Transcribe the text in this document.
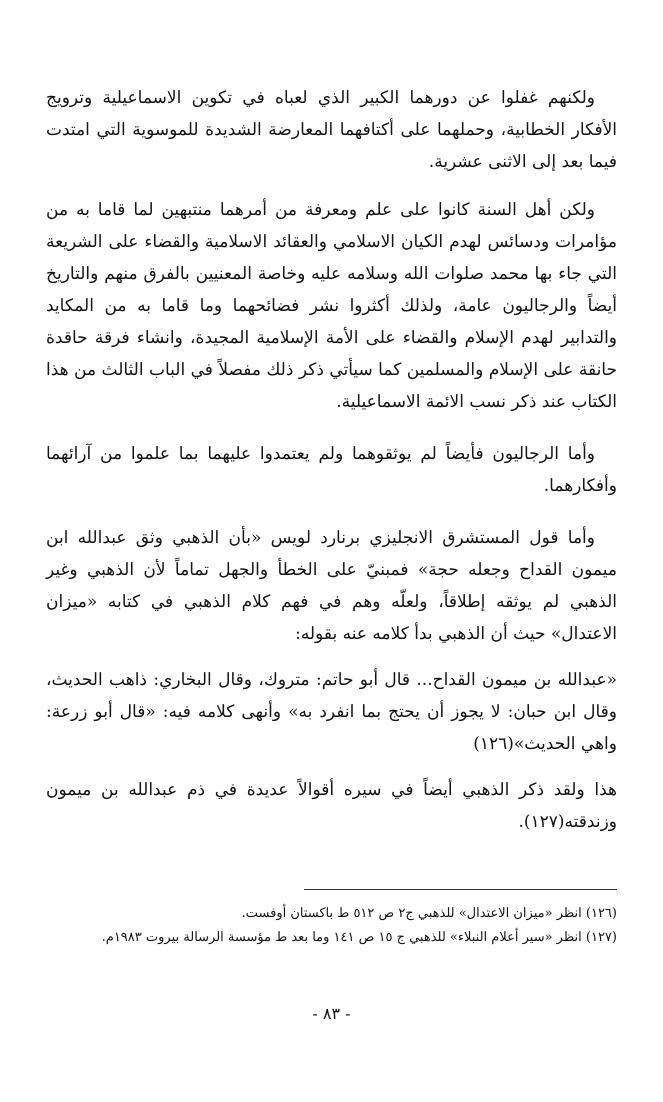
ولكنهم غفلوا عن دورهما الكبير الذي لعباه في تكوين الاسماعيلية وترويج الأفكار الخطابية، وحملهما على أكتافهما المعارضة الشديدة للموسوية التي امتدت فيما بعد إلى الاثنى عشرية.

ولكن أهل السنة كانوا على علم ومعرفة من أمرهما منتبهين لما قاما به من مؤامرات ودسائس لهدم الكيان الاسلامي والعقائد الاسلامية والقضاء على الشريعة التي جاء بها محمد صلوات الله وسلامه عليه وخاصة المعنيين بالفرق منهم والتاريخ أيضاً والرجاليون عامة، ولذلك أكثروا نشر فضائحهما وما قاما به من المكايد والتدابير لهدم الإسلام والقضاء على الأمة الإسلامية المجيدة، وانشاء فرقة حاقدة حانقة على الإسلام والمسلمين كما سيأتي ذكر ذلك مفصلاً في الباب الثالث من هذا الكتاب عند ذكر نسب الائمة الاسماعيلية.

وأما الرجاليون فأيضاً لم يوثقوهما ولم يعتمدوا عليهما بما علموا من آرائهما وأفكارهما.

وأما قول المستشرق الانجليزي برنارد لويس «بأن الذهبي وثق عبدالله ابن ميمون القداح وجعله حجة» فمبنيّ على الخطأ والجهل تماماً لأن الذهبي وغير الذهبي لم يوثقه إطلاقاً، ولعلّه وهم في فهم كلام الذهبي في كتابه «ميزان الاعتدال» حيث أن الذهبي بدأ كلامه عنه بقوله:

«عبدالله بن ميمون القداح... قال أبو حاتم: متروك، وقال البخاري: ذاهب الحديث، وقال ابن حبان: لا يجوز أن يحتج بما انفرد به» وأنهى كلامه فيه: «قال أبو زرعة: واهي الحديث»(١٢٦)

هذا ولقد ذكر الذهبي أيضاً في سيره أقوالاً عديدة في ذم عبدالله بن ميمون وزندقته(١٢٧).

(١٢٦) انظر «ميزان الاعتدال» للذهبي ج٢ ص ٥١٢ ط باكستان أوفست.

(١٢٧) انظر «سير أعلام النبلاء» للذهبي ج ١٥ ص ١٤١ وما بعد ط مؤسسة الرسالة بيروت ١٩٨٣م.

- ٨٣ -
